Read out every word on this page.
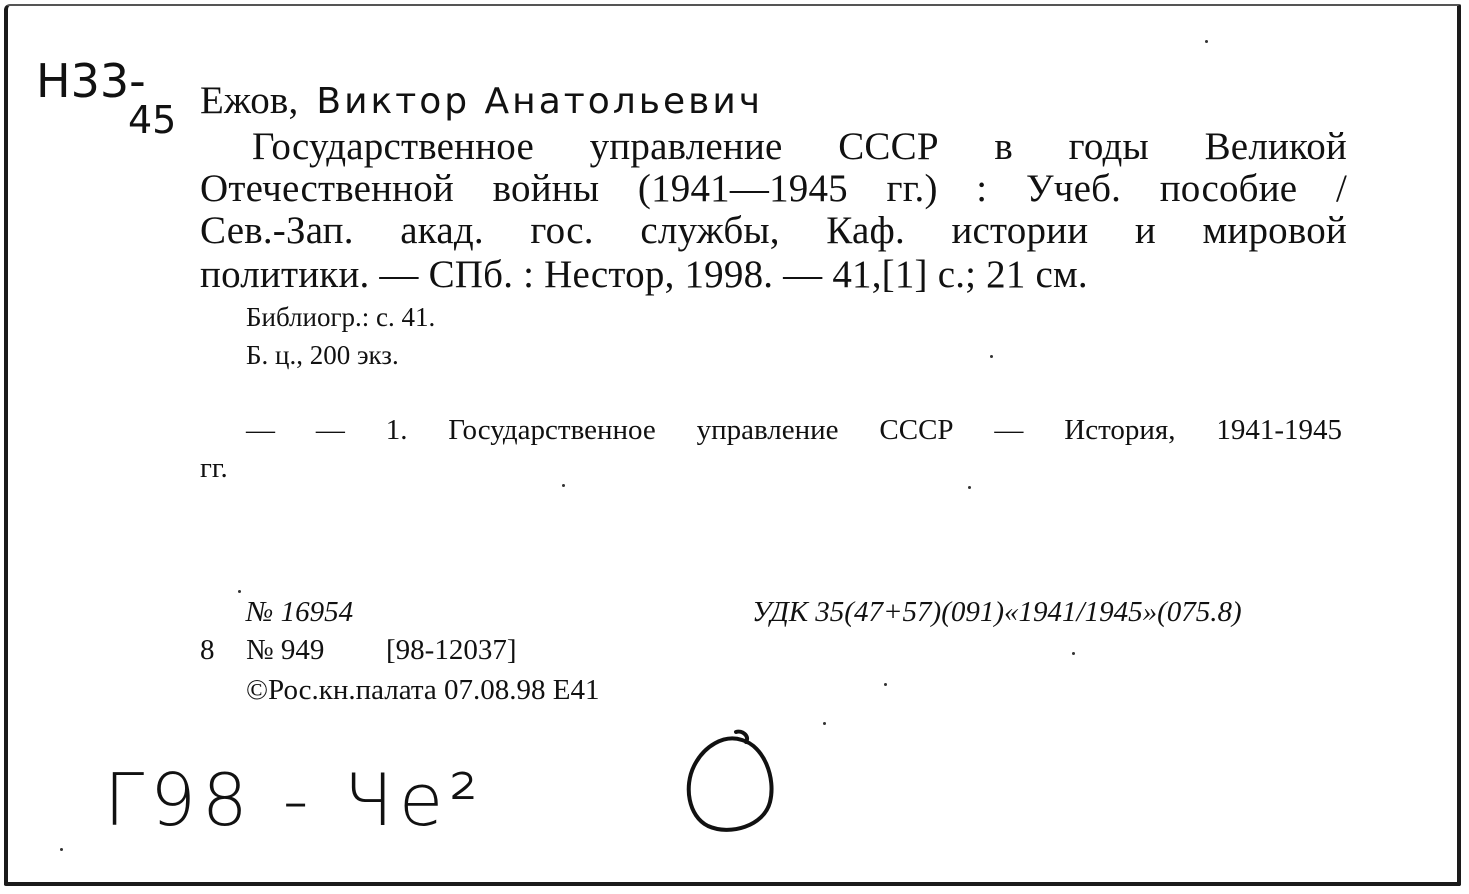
Н33-
45 Ежов, Виктор Анатольевич
Государственное управление СССР в годы Великой
Отечественной войны (1941—1945 гг.) : Учеб. пособие /
Сев.-Зап. акад. гос. службы, Каф. истории и мировой
политики. — СПб. : Нестор, 1998. — 41,[1] с.; 21 см.
Библиогр.: с. 41.
Б. ц., 200 экз.
— — 1. Государственное управление СССР — История, 1941-1945
гг.
№ 16954	УДК 35(47+57)(091)«1941/1945»(075.8)
8 № 949 [98-12037]
©Рос.кн.палата 07.08.98 Е41
Г98 - Че²
